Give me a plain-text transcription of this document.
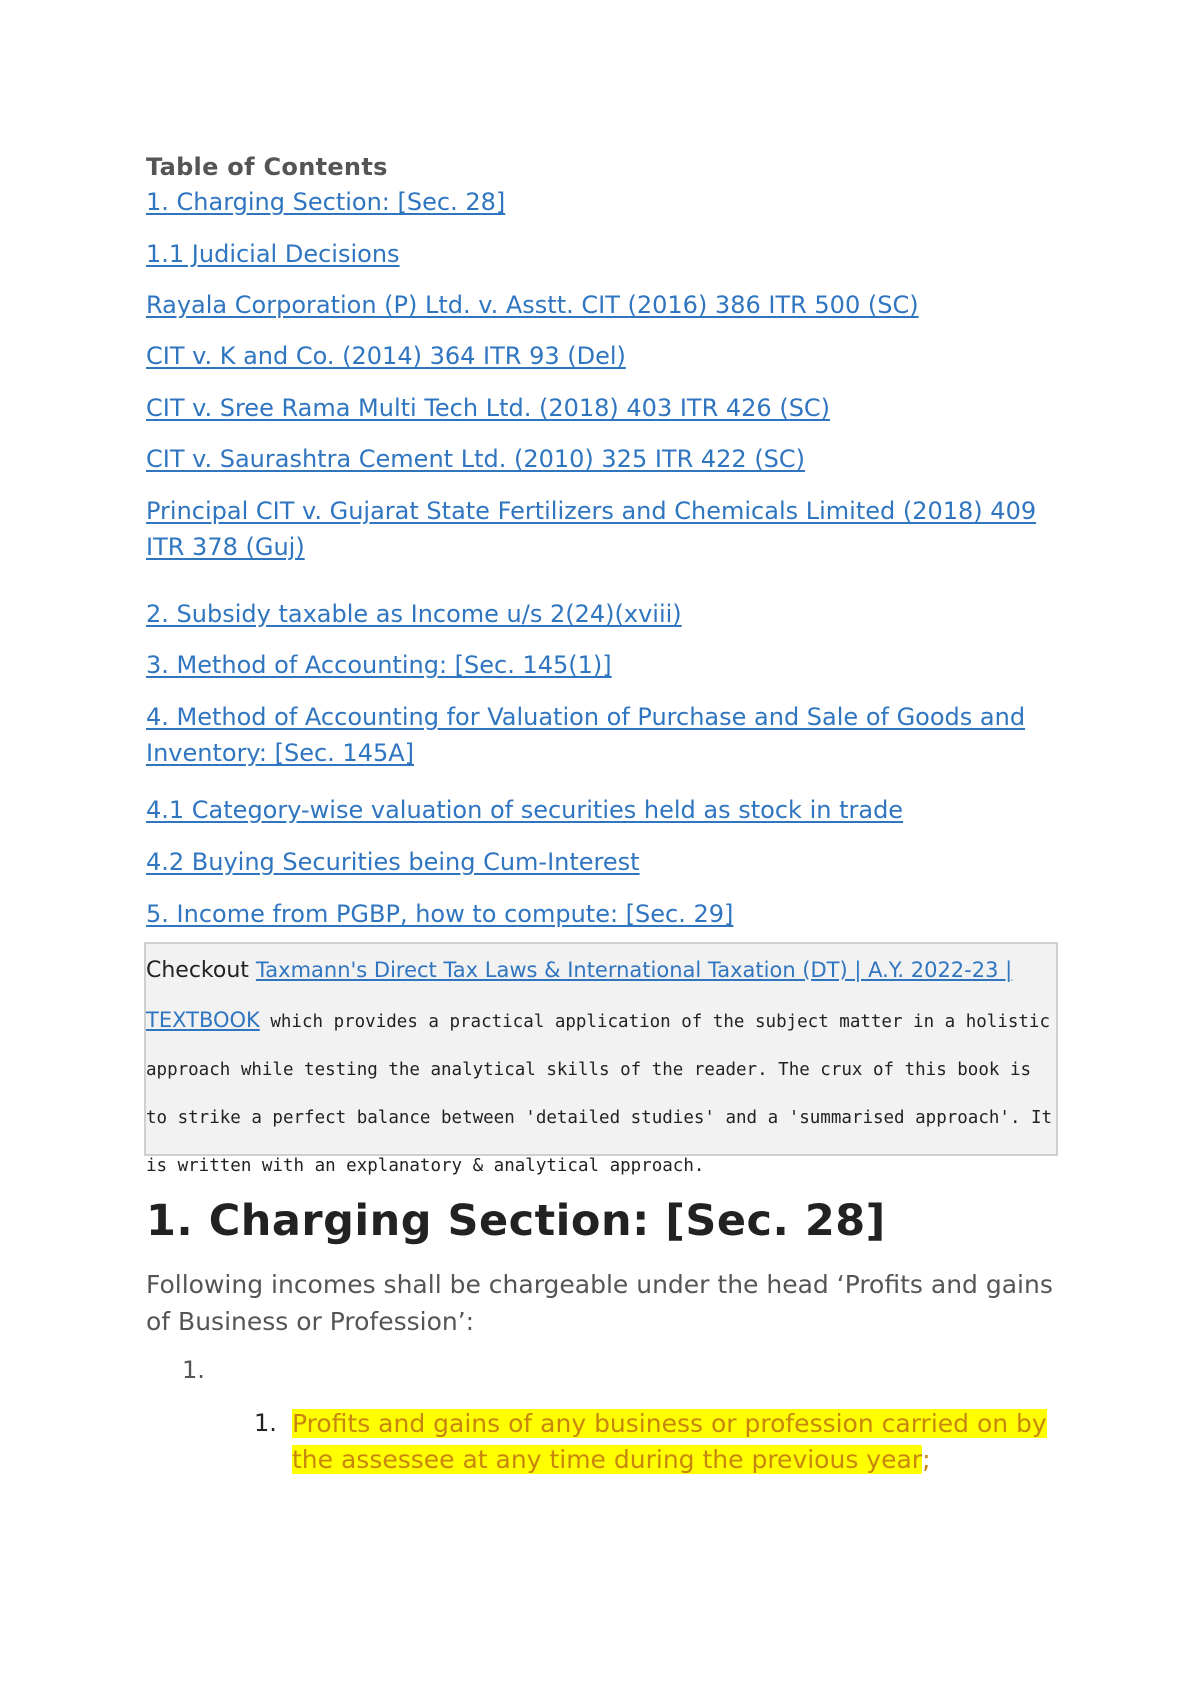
Table of Contents
1. Charging Section: [Sec. 28]
1.1 Judicial Decisions
Rayala Corporation (P) Ltd. v. Asstt. CIT (2016) 386 ITR 500 (SC)
CIT v. K and Co. (2014) 364 ITR 93 (Del)
CIT v. Sree Rama Multi Tech Ltd. (2018) 403 ITR 426 (SC)
CIT v. Saurashtra Cement Ltd. (2010) 325 ITR 422 (SC)
Principal CIT v. Gujarat State Fertilizers and Chemicals Limited (2018) 409 ITR 378 (Guj)
2. Subsidy taxable as Income u/s 2(24)(xviii)
3. Method of Accounting: [Sec. 145(1)]
4. Method of Accounting for Valuation of Purchase and Sale of Goods and Inventory: [Sec. 145A]
4.1 Category-wise valuation of securities held as stock in trade
4.2 Buying Securities being Cum-Interest
5. Income from PGBP, how to compute: [Sec. 29]
Checkout Taxmann's Direct Tax Laws & International Taxation (DT) | A.Y. 2022-23 | TEXTBOOK which provides a practical application of the subject matter in a holistic approach while testing the analytical skills of the reader. The crux of this book is to strike a perfect balance between 'detailed studies' and a 'summarised approach'. It is written with an explanatory & analytical approach.
1. Charging Section: [Sec. 28]

Following incomes shall be chargeable under the head ‘Profits and gains of Business or Profession’:

1.
1. Profits and gains of any business or profession carried on by the assessee at any time during the previous year;
